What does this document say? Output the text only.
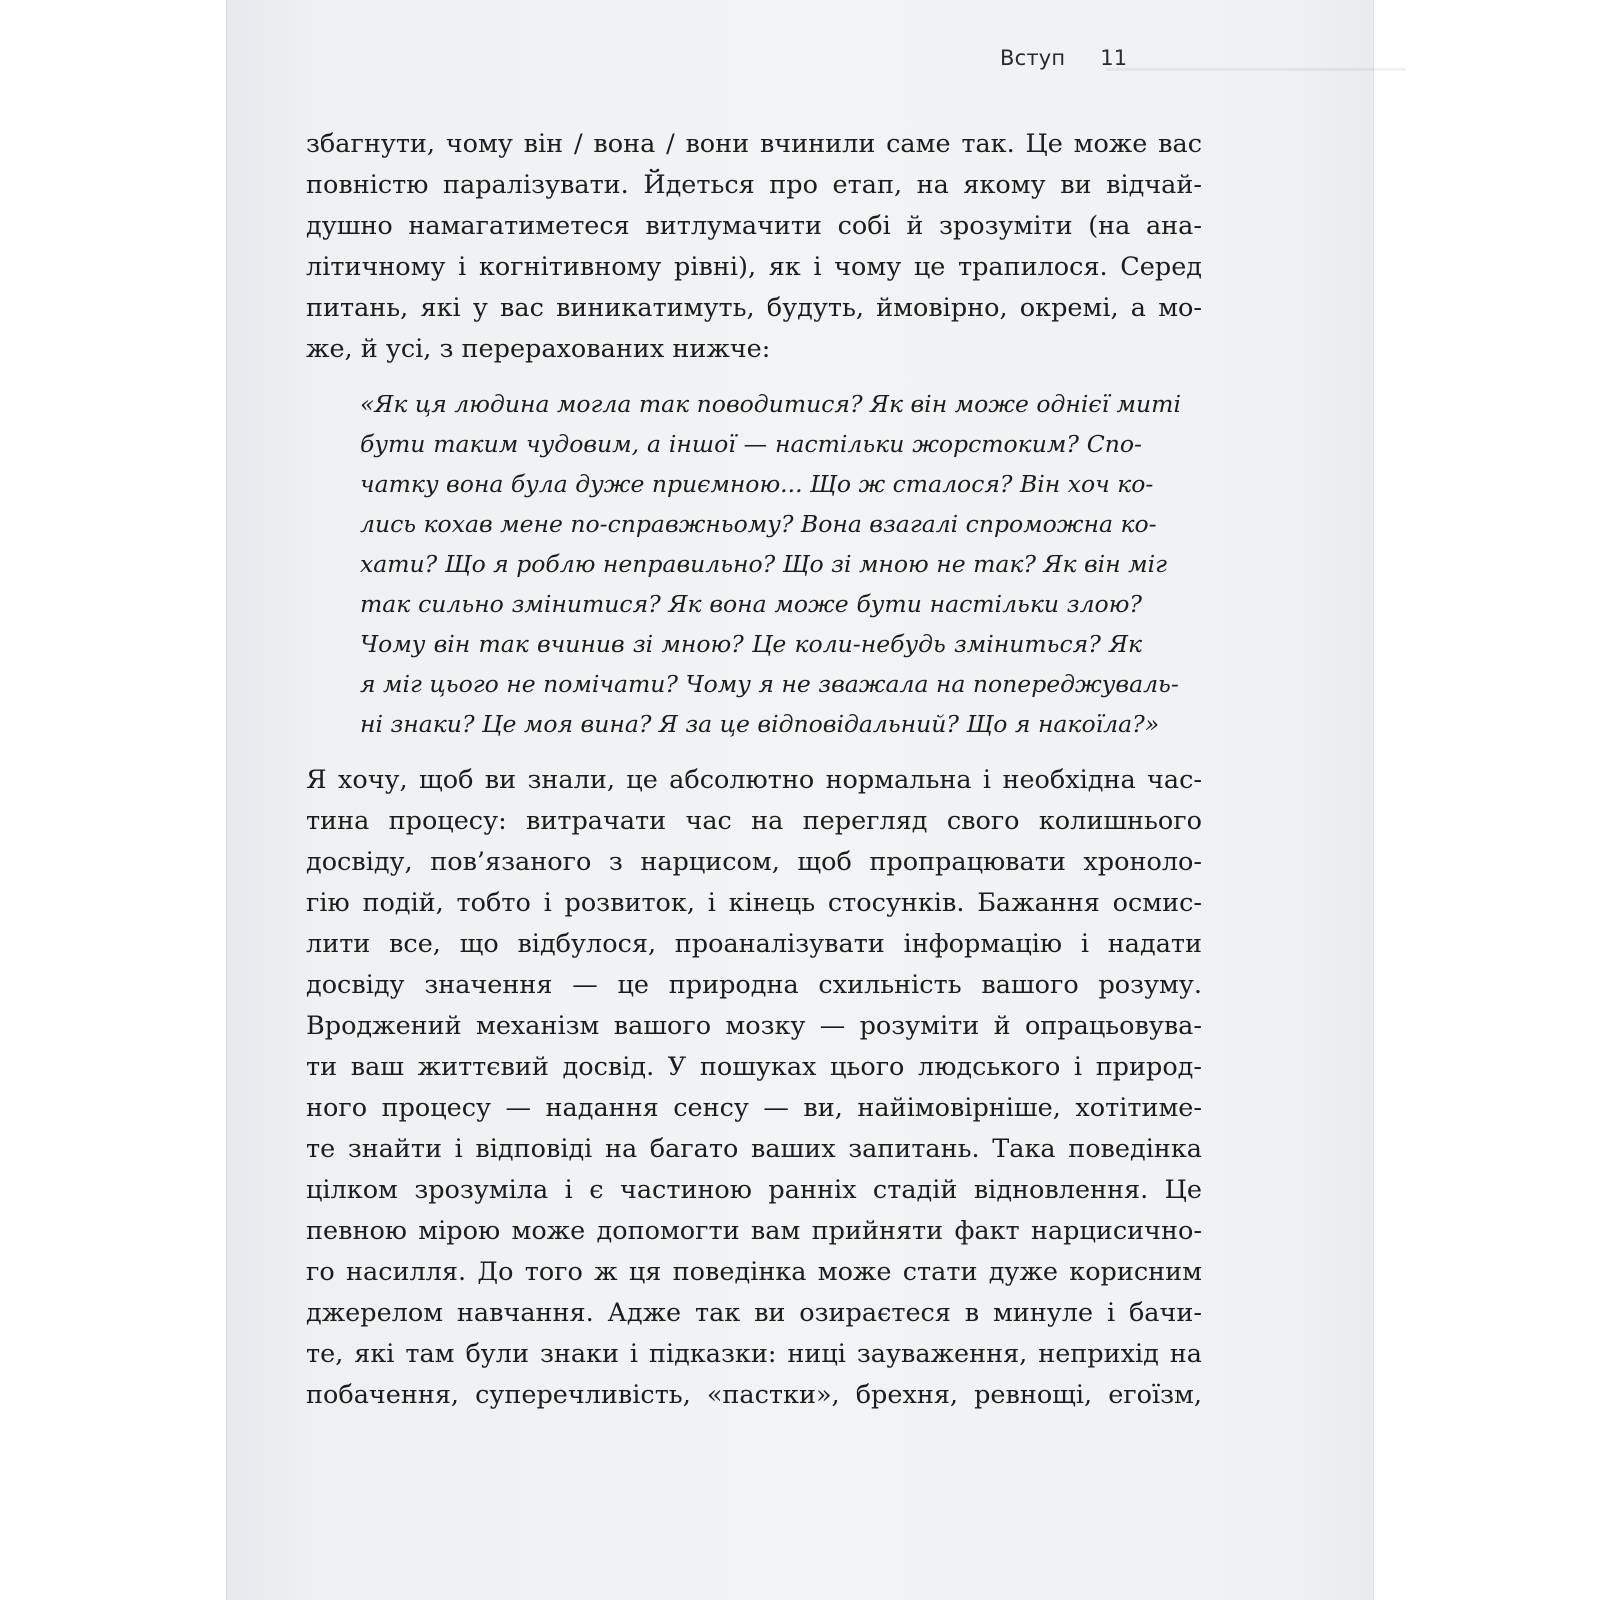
Вступ 11
збагнути, чому він / вона / вони вчинили саме так. Це може вас
повністю паралізувати. Йдеться про етап, на якому ви відчай-
душно намагатиметеся витлумачити собі й зрозуміти (на ана-
літичному і когнітивному рівні), як і чому це трапилося. Серед
питань, які у вас виникатимуть, будуть, ймовірно, окремі, а мо-
же, й усі, з перерахованих нижче:
«Як ця людина могла так поводитися? Як він може однієї миті
бути таким чудовим, а іншої — настільки жорстоким? Спо-
чатку вона була дуже приємною... Що ж сталося? Він хоч ко-
лись кохав мене по-справжньому? Вона взагалі спроможна ко-
хати? Що я роблю неправильно? Що зі мною не так? Як він міг
так сильно змінитися? Як вона може бути настільки злою?
Чому він так вчинив зі мною? Це коли-небудь зміниться? Як
я міг цього не помічати? Чому я не зважала на попереджуваль-
ні знаки? Це моя вина? Я за це відповідальний? Що я накоїла?»
Я хочу, щоб ви знали, це абсолютно нормальна і необхідна час-
тина процесу: витрачати час на перегляд свого колишнього
досвіду, пов’язаного з нарцисом, щоб пропрацювати хроноло-
гію подій, тобто і розвиток, і кінець стосунків. Бажання осмис-
лити все, що відбулося, проаналізувати інформацію і надати
досвіду значення — це природна схильність вашого розуму.
Вроджений механізм вашого мозку — розуміти й опрацьовува-
ти ваш життєвий досвід. У пошуках цього людського і природ-
ного процесу — надання сенсу — ви, найімовірніше, хотітиме-
те знайти і відповіді на багато ваших запитань. Така поведінка
цілком зрозуміла і є частиною ранніх стадій відновлення. Це
певною мірою може допомогти вам прийняти факт нарцисично-
го насилля. До того ж ця поведінка може стати дуже корисним
джерелом навчання. Адже так ви озираєтеся в минуле і бачи-
те, які там були знаки і підказки: ниці зауваження, неприхід на
побачення, суперечливість, «пастки», брехня, ревнощі, егоїзм,
